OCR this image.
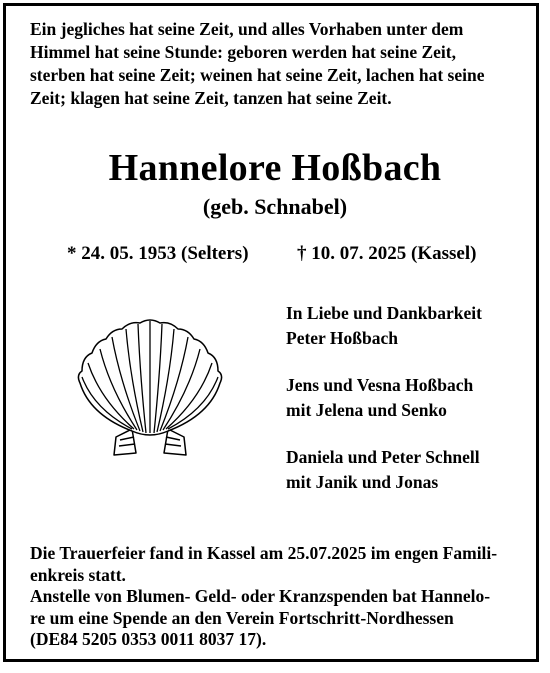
Ein jegliches hat seine Zeit, und alles Vorhaben unter dem
Himmel hat seine Stunde: geboren werden hat seine Zeit,
sterben hat seine Zeit; weinen hat seine Zeit, lachen hat seine
Zeit; klagen hat seine Zeit, tanzen hat seine Zeit.
Hannelore Hoßbach
(geb. Schnabel)
* 24. 05. 1953 (Selters)	† 10. 07. 2025 (Kassel)
In Liebe und Dankbarkeit
Peter Hoßbach
Jens und Vesna Hoßbach
mit Jelena und Senko
Daniela und Peter Schnell
mit Janik und Jonas
Die Trauerfeier fand in Kassel am 25.07.2025 im engen Famili-
enkreis statt.
Anstelle von Blumen- Geld- oder Kranzspenden bat Hannelo-
re um eine Spende an den Verein Fortschritt-Nordhessen
(DE84 5205 0353 0011 8037 17).
